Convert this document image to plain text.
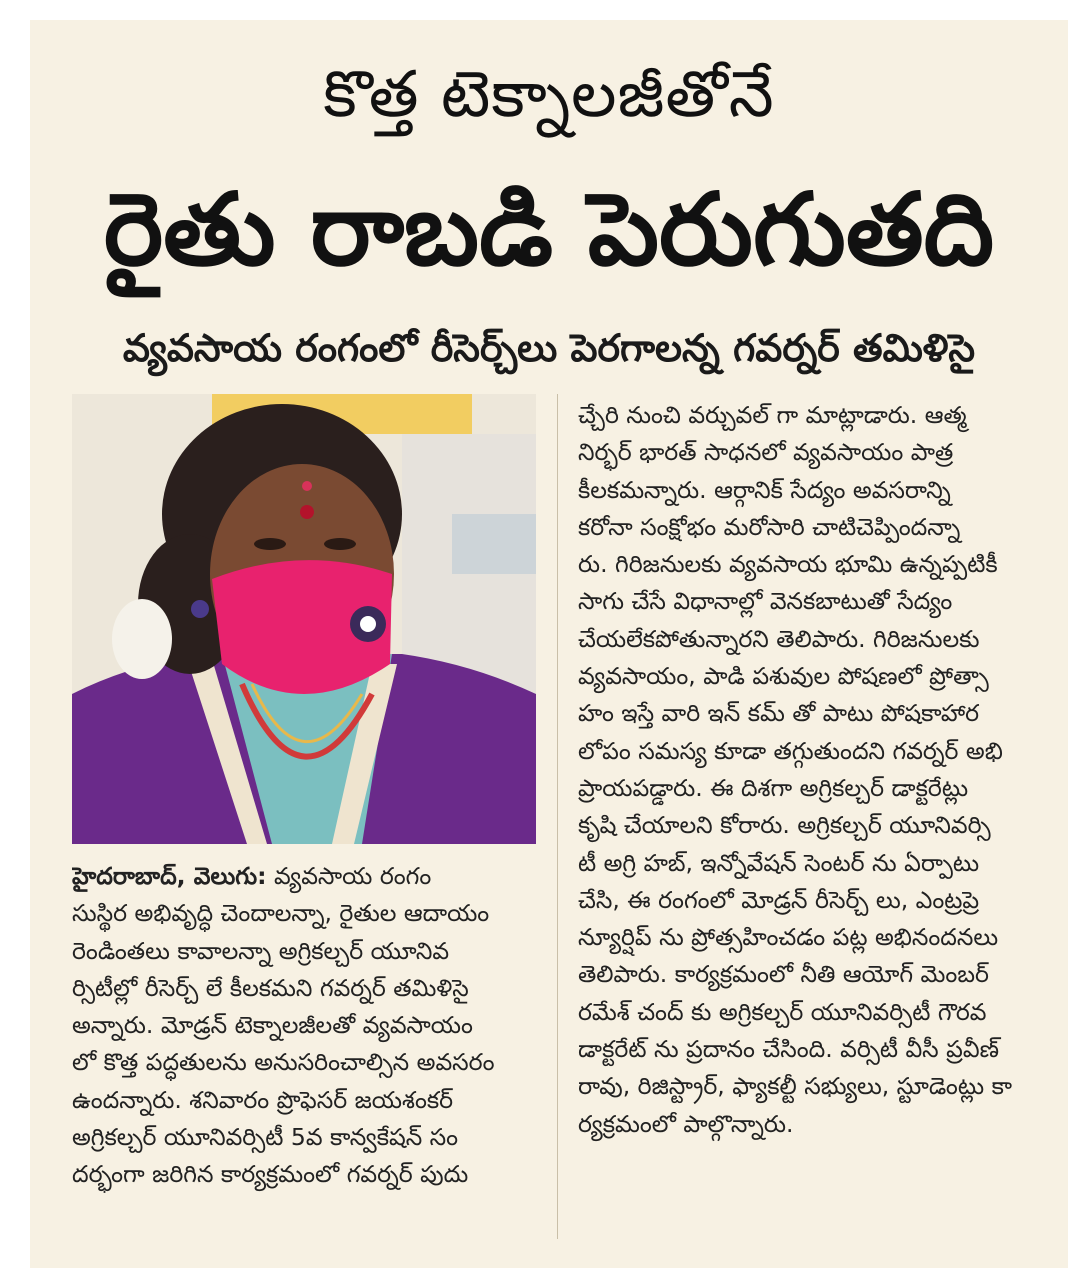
కొత్త టెక్నాలజీతోనే
రైతు రాబడి పెరుగుతది
వ్యవసాయ రంగంలో రీసెర్చ్‌లు పెరగాలన్న గవర్నర్ తమిళిసై
హైదరాబాద్, వెలుగు: వ్యవసాయ రంగం
సుస్థిర అభివృద్ధి చెందాలన్నా, రైతుల ఆదాయం
రెండింతలు కావాలన్నా అగ్రికల్చర్ యూనివ
ర్సిటీల్లో రీసెర్చ్ లే కీలకమని గవర్నర్ తమిళిసై
అన్నారు. మోడ్రన్ టెక్నాలజీలతో వ్యవసాయం
లో కొత్త పద్ధతులను అనుసరించాల్సిన అవసరం
ఉందన్నారు. శనివారం ప్రొఫెసర్ జయశంకర్
అగ్రికల్చర్ యూనివర్సిటీ 5వ కాన్వకేషన్ సం
దర్భంగా జరిగిన కార్యక్రమంలో గవర్నర్ పుదు
చ్చేరి నుంచి వర్చువల్ గా మాట్లాడారు. ఆత్మ
నిర్భర్ భారత్ సాధనలో వ్యవసాయం పాత్ర
కీలకమన్నారు. ఆర్గానిక్ సేద్యం అవసరాన్ని
కరోనా సంక్షోభం మరోసారి చాటిచెప్పిందన్నా
రు. గిరిజనులకు వ్యవసాయ భూమి ఉన్నప్పటికీ
సాగు చేసే విధానాల్లో వెనకబాటుతో సేద్యం
చేయలేకపోతున్నారని తెలిపారు. గిరిజనులకు
వ్యవసాయం, పాడి పశువుల పోషణలో ప్రోత్సా
హం ఇస్తే వారి ఇన్ కమ్ తో పాటు పోషకాహార
లోపం సమస్య కూడా తగ్గుతుందని గవర్నర్ అభి
ప్రాయపడ్డారు. ఈ దిశగా అగ్రికల్చర్ డాక్టరేట్లు
కృషి చేయాలని కోరారు. అగ్రికల్చర్ యూనివర్సి
టీ అగ్రి హబ్, ఇన్నోవేషన్ సెంటర్ ను ఏర్పాటు
చేసి, ఈ రంగంలో మోడ్రన్ రీసెర్చ్ లు, ఎంట్రప్రె
న్యూర్షిప్ ను ప్రోత్సహించడం పట్ల అభినందనలు
తెలిపారు. కార్యక్రమంలో నీతి ఆయోగ్ మెంబర్
రమేశ్ చంద్ కు అగ్రికల్చర్ యూనివర్సిటీ గౌరవ
డాక్టరేట్ ను ప్రదానం చేసింది. వర్సిటీ వీసీ ప్రవీణ్
రావు, రిజిస్ట్రార్, ఫ్యాకల్టీ సభ్యులు, స్టూడెంట్లు కా
ర్యక్రమంలో పాల్గొన్నారు.
